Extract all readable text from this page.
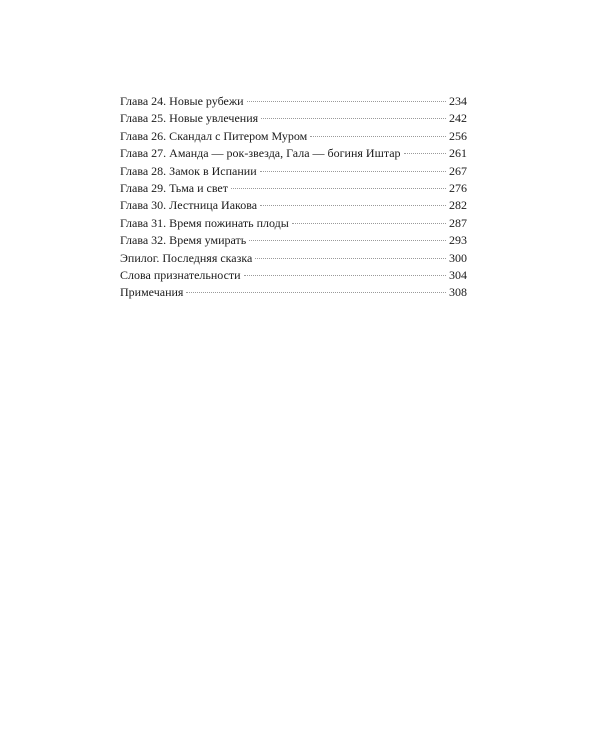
Глава 24. Новые рубежи	234
Глава 25. Новые увлечения	242
Глава 26. Скандал с Питером Муром	256
Глава 27. Аманда — рок-звезда, Гала — богиня Иштар	261
Глава 28. Замок в Испании	267
Глава 29. Тьма и свет	276
Глава 30. Лестница Иакова	282
Глава 31. Время пожинать плоды	287
Глава 32. Время умирать	293
Эпилог. Последняя сказка	300
Слова признательности	304
Примечания	308
